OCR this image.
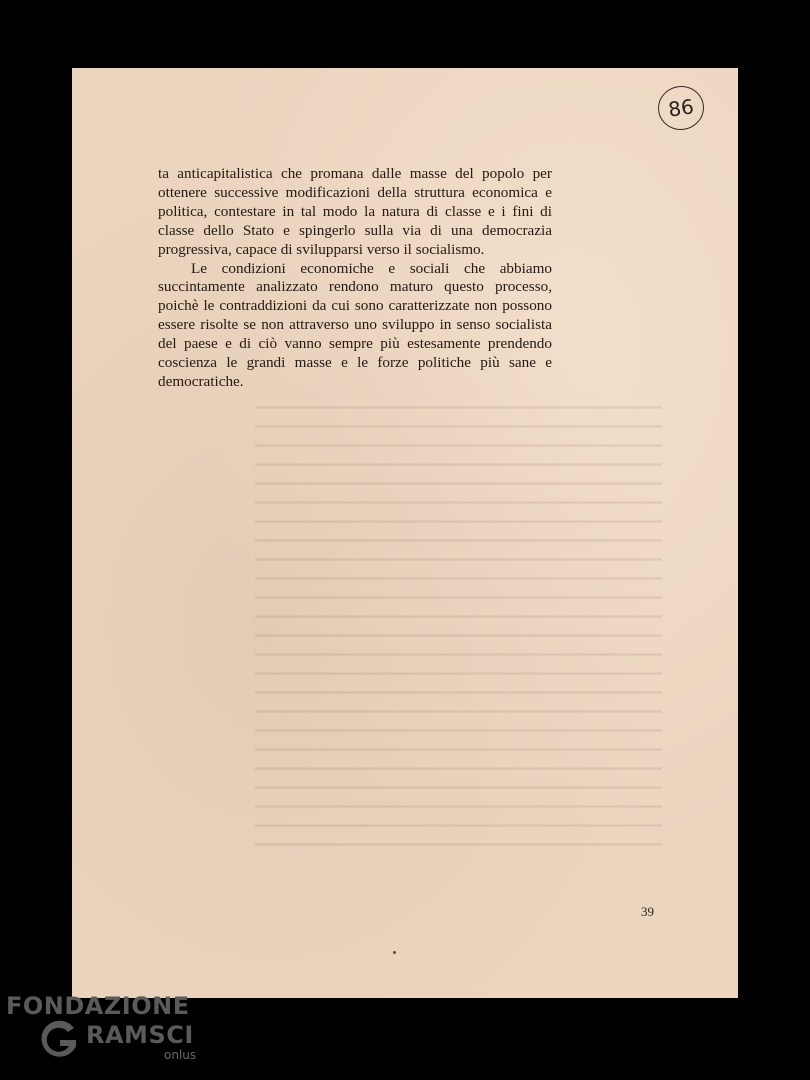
━━━━━━━━━━━━━━━━━━━━━━━━━━━━━━━━━━━━━━━━━━━━━━━━━━━━
━━━━━━━━━━━━━━━━━━━━━━━━━━━━━━━━━━━━━━━━━━━━━━━━━━━━
━━━━━━━━━━━━━━━━━━━━━━━━━━━━━━━━━━━━━━━━━━━━━━━━━━━━
━━━━━━━━━━━━━━━━━━━━━━━━━━━━━━━━━━━━━━━━━━━━━━━━━━━━
━━━━━━━━━━━━━━━━━━━━━━━━━━━━━━━━━━━━━━━━━━━━━━━━━━━━
━━━━━━━━━━━━━━━━━━━━━━━━━━━━━━━━━━━━━━━━━━━━━━━━━━━━
━━━━━━━━━━━━━━━━━━━━━━━━━━━━━━━━━━━━━━━━━━━━━━━━━━━━
━━━━━━━━━━━━━━━━━━━━━━━━━━━━━━━━━━━━━━━━━━━━━━━━━━━━
━━━━━━━━━━━━━━━━━━━━━━━━━━━━━━━━━━━━━━━━━━━━━━━━━━━━
━━━━━━━━━━━━━━━━━━━━━━━━━━━━━━━━━━━━━━━━━━━━━━━━━━━━
━━━━━━━━━━━━━━━━━━━━━━━━━━━━━━━━━━━━━━━━━━━━━━━━━━━━
━━━━━━━━━━━━━━━━━━━━━━━━━━━━━━━━━━━━━━━━━━━━━━━━━━━━
━━━━━━━━━━━━━━━━━━━━━━━━━━━━━━━━━━━━━━━━━━━━━━━━━━━━
━━━━━━━━━━━━━━━━━━━━━━━━━━━━━━━━━━━━━━━━━━━━━━━━━━━━
━━━━━━━━━━━━━━━━━━━━━━━━━━━━━━━━━━━━━━━━━━━━━━━━━━━━
━━━━━━━━━━━━━━━━━━━━━━━━━━━━━━━━━━━━━━━━━━━━━━━━━━━━
━━━━━━━━━━━━━━━━━━━━━━━━━━━━━━━━━━━━━━━━━━━━━━━━━━━━
━━━━━━━━━━━━━━━━━━━━━━━━━━━━━━━━━━━━━━━━━━━━━━━━━━━━
━━━━━━━━━━━━━━━━━━━━━━━━━━━━━━━━━━━━━━━━━━━━━━━━━━━━
━━━━━━━━━━━━━━━━━━━━━━━━━━━━━━━━━━━━━━━━━━━━━━━━━━━━
━━━━━━━━━━━━━━━━━━━━━━━━━━━━━━━━━━━━━━━━━━━━━━━━━━━━
━━━━━━━━━━━━━━━━━━━━━━━━━━━━━━━━━━━━━━━━━━━━━━━━━━━━
━━━━━━━━━━━━━━━━━━━━━━━━━━━━━━━━━━━━━━━━━━━━━━━━━━━━
━━━━━━━━━━━━━━━━━━━━━━━━━━━━━━━━━━━━━━━━━━━━━━━━━━━━
86

ta anticapitalistica che promana dalle masse del popolo per ottenere successive modificazioni della struttura economica e politica, contestare in tal modo la natura di classe e i fini di classe dello Stato e spingerlo sulla via di una democrazia progressiva, capace di svilupparsi verso il socialismo.

Le condizioni economiche e sociali che abbiamo succintamente analizzato rendono maturo questo processo, poichè le contraddizioni da cui sono caratterizzate non possono essere risolte se non attraverso uno sviluppo in senso socialista del paese e di ciò vanno sempre più estesamente prendendo coscienza le grandi masse e le forze politiche più sane e democratiche.

39
FONDAZIONE
RAMSCI
onlus
